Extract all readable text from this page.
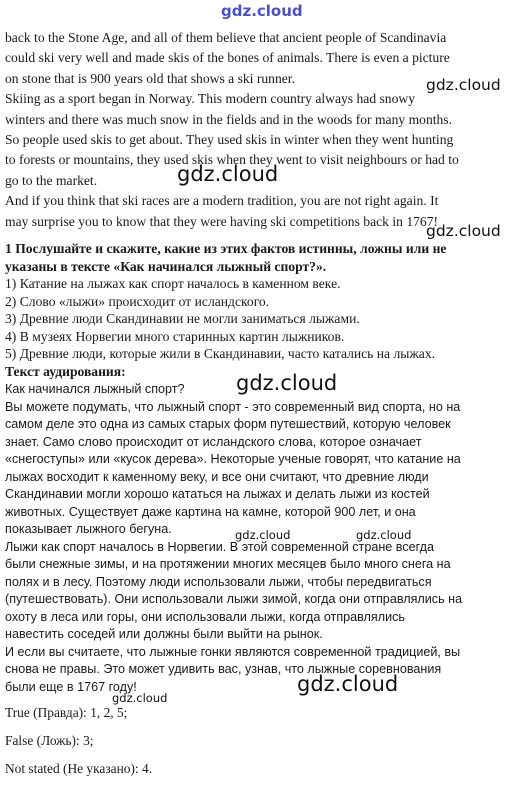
gdz.cloud
back to the Stone Age, and all of them believe that ancient people of Scandinavia
could ski very well and made skis of the bones of animals. There is even a picture
on stone that is 900 years old that shows a ski runner.
Skiing as a sport began in Norway. This modern country always had snowy
winters and there was much snow in the fields and in the woods for many months.
So people used skis to get about. They used skis in winter when they went hunting
to forests or mountains, they used skis when they went to visit neighbours or had to
go to the market.
And if you think that ski races are a modern tradition, you are not right again. It
may surprise you to know that they were having ski competitions back in 1767!
gdz.cloud
gdz.cloud
gdz.cloud
1 Послушайте и скажите, какие из этих фактов истинны, ложны или не
указаны в тексте «Как начинался лыжный спорт?».
1) Катание на лыжах как спорт началось в каменном веке.
2) Слово «лыжи» происходит от исландского.
3) Древние люди Скандинавии не могли заниматься лыжами.
4) В музеях Норвегии много старинных картин лыжников.
5) Древние люди, которые жили в Скандинавии, часто катались на лыжах.
Текст аудирования:
Как начинался лыжный спорт?
Вы можете подумать, что лыжный спорт - это современный вид спорта, но на
самом деле это одна из самых старых форм путешествий, которую человек
знает. Само слово происходит от исландского слова, которое означает
«снегоступы» или «кусок дерева». Некоторые ученые говорят, что катание на
лыжах восходит к каменному веку, и все они считают, что древние люди
Скандинавии могли хорошо кататься на лыжах и делать лыжи из костей
животных. Существует даже картина на камне, которой 900 лет, и она
показывает лыжного бегуна.
Лыжи как спорт началось в Норвегии. В этой современной стране всегда
были снежные зимы, и на протяжении многих месяцев было много снега на
полях и в лесу. Поэтому люди использовали лыжи, чтобы передвигаться
(путешествовать). Они использовали лыжи зимой, когда они отправлялись на
охоту в леса или горы, они использовали лыжи, когда отправлялись
навестить соседей или должны были выйти на рынок.
И если вы считаете, что лыжные гонки являются современной традицией, вы
снова не правы. Это может удивить вас, узнав, что лыжные соревнования
были еще в 1767 году!
gdz.cloud
gdz.cloud	gdz.cloud
gdz.cloud
gdz.cloud
True (Правда): 1, 2, 5;
False (Ложь): 3;
Not stated (Не указано): 4.
